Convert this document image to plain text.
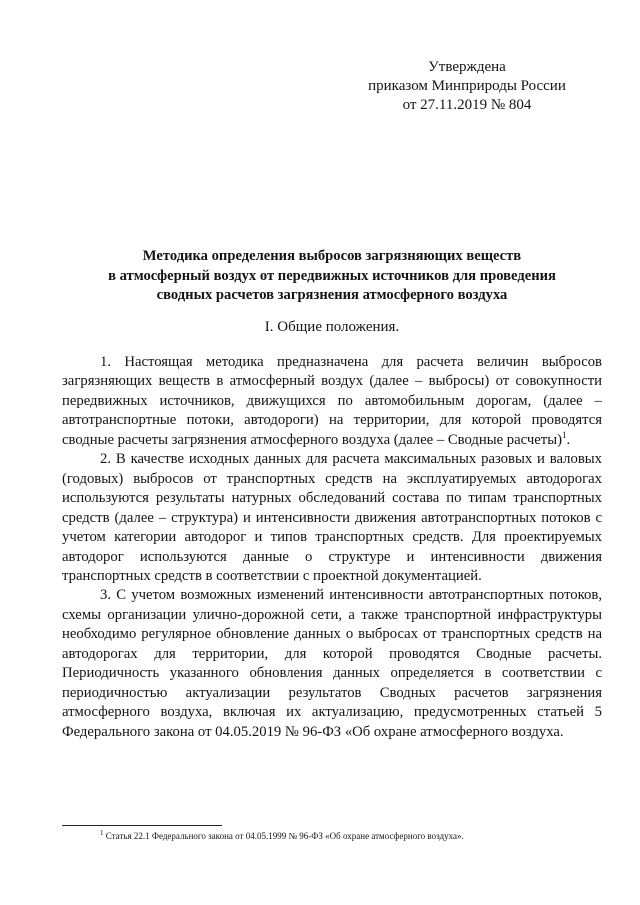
Утверждена
приказом Минприроды России
от 27.11.2019 № 804
Методика определения выбросов загрязняющих веществ
в атмосферный воздух от передвижных источников для проведения
сводных расчетов загрязнения атмосферного воздуха
I. Общие положения.

1. Настоящая методика предназначена для расчета величин выбросов загрязняющих веществ в атмосферный воздух (далее – выбросы) от совокупности передвижных источников, движущихся по автомобильным дорогам, (далее – автотранспортные потоки, автодороги) на территории, для которой проводятся сводные расчеты загрязнения атмосферного воздуха (далее – Сводные расчеты)$^1$.

2. В качестве исходных данных для расчета максимальных разовых и валовых (годовых) выбросов от транспортных средств на эксплуатируемых автодорогах используются результаты натурных обследований состава по типам транспортных средств (далее – структура) и интенсивности движения автотранспортных потоков с учетом категории автодорог и типов транспортных средств. Для проектируемых автодорог используются данные о структуре и интенсивности движения транспортных средств в соответствии с проектной документацией.

3. С учетом возможных изменений интенсивности автотранспортных потоков, схемы организации улично-дорожной сети, а также транспортной инфраструктуры необходимо регулярное обновление данных о выбросах от транспортных средств на автодорогах для территории, для которой проводятся Сводные расчеты. Периодичность указанного обновления данных определяется в соответствии с периодичностью актуализации результатов Сводных расчетов загрязнения атмосферного воздуха, включая их актуализацию, предусмотренных статьей 5 Федерального закона от 04.05.2019 № 96-ФЗ «Об охране атмосферного воздуха.

$^1$ Статья 22.1 Федерального закона от 04.05.1999 № 96-ФЗ «Об охране атмосферного воздуха».
